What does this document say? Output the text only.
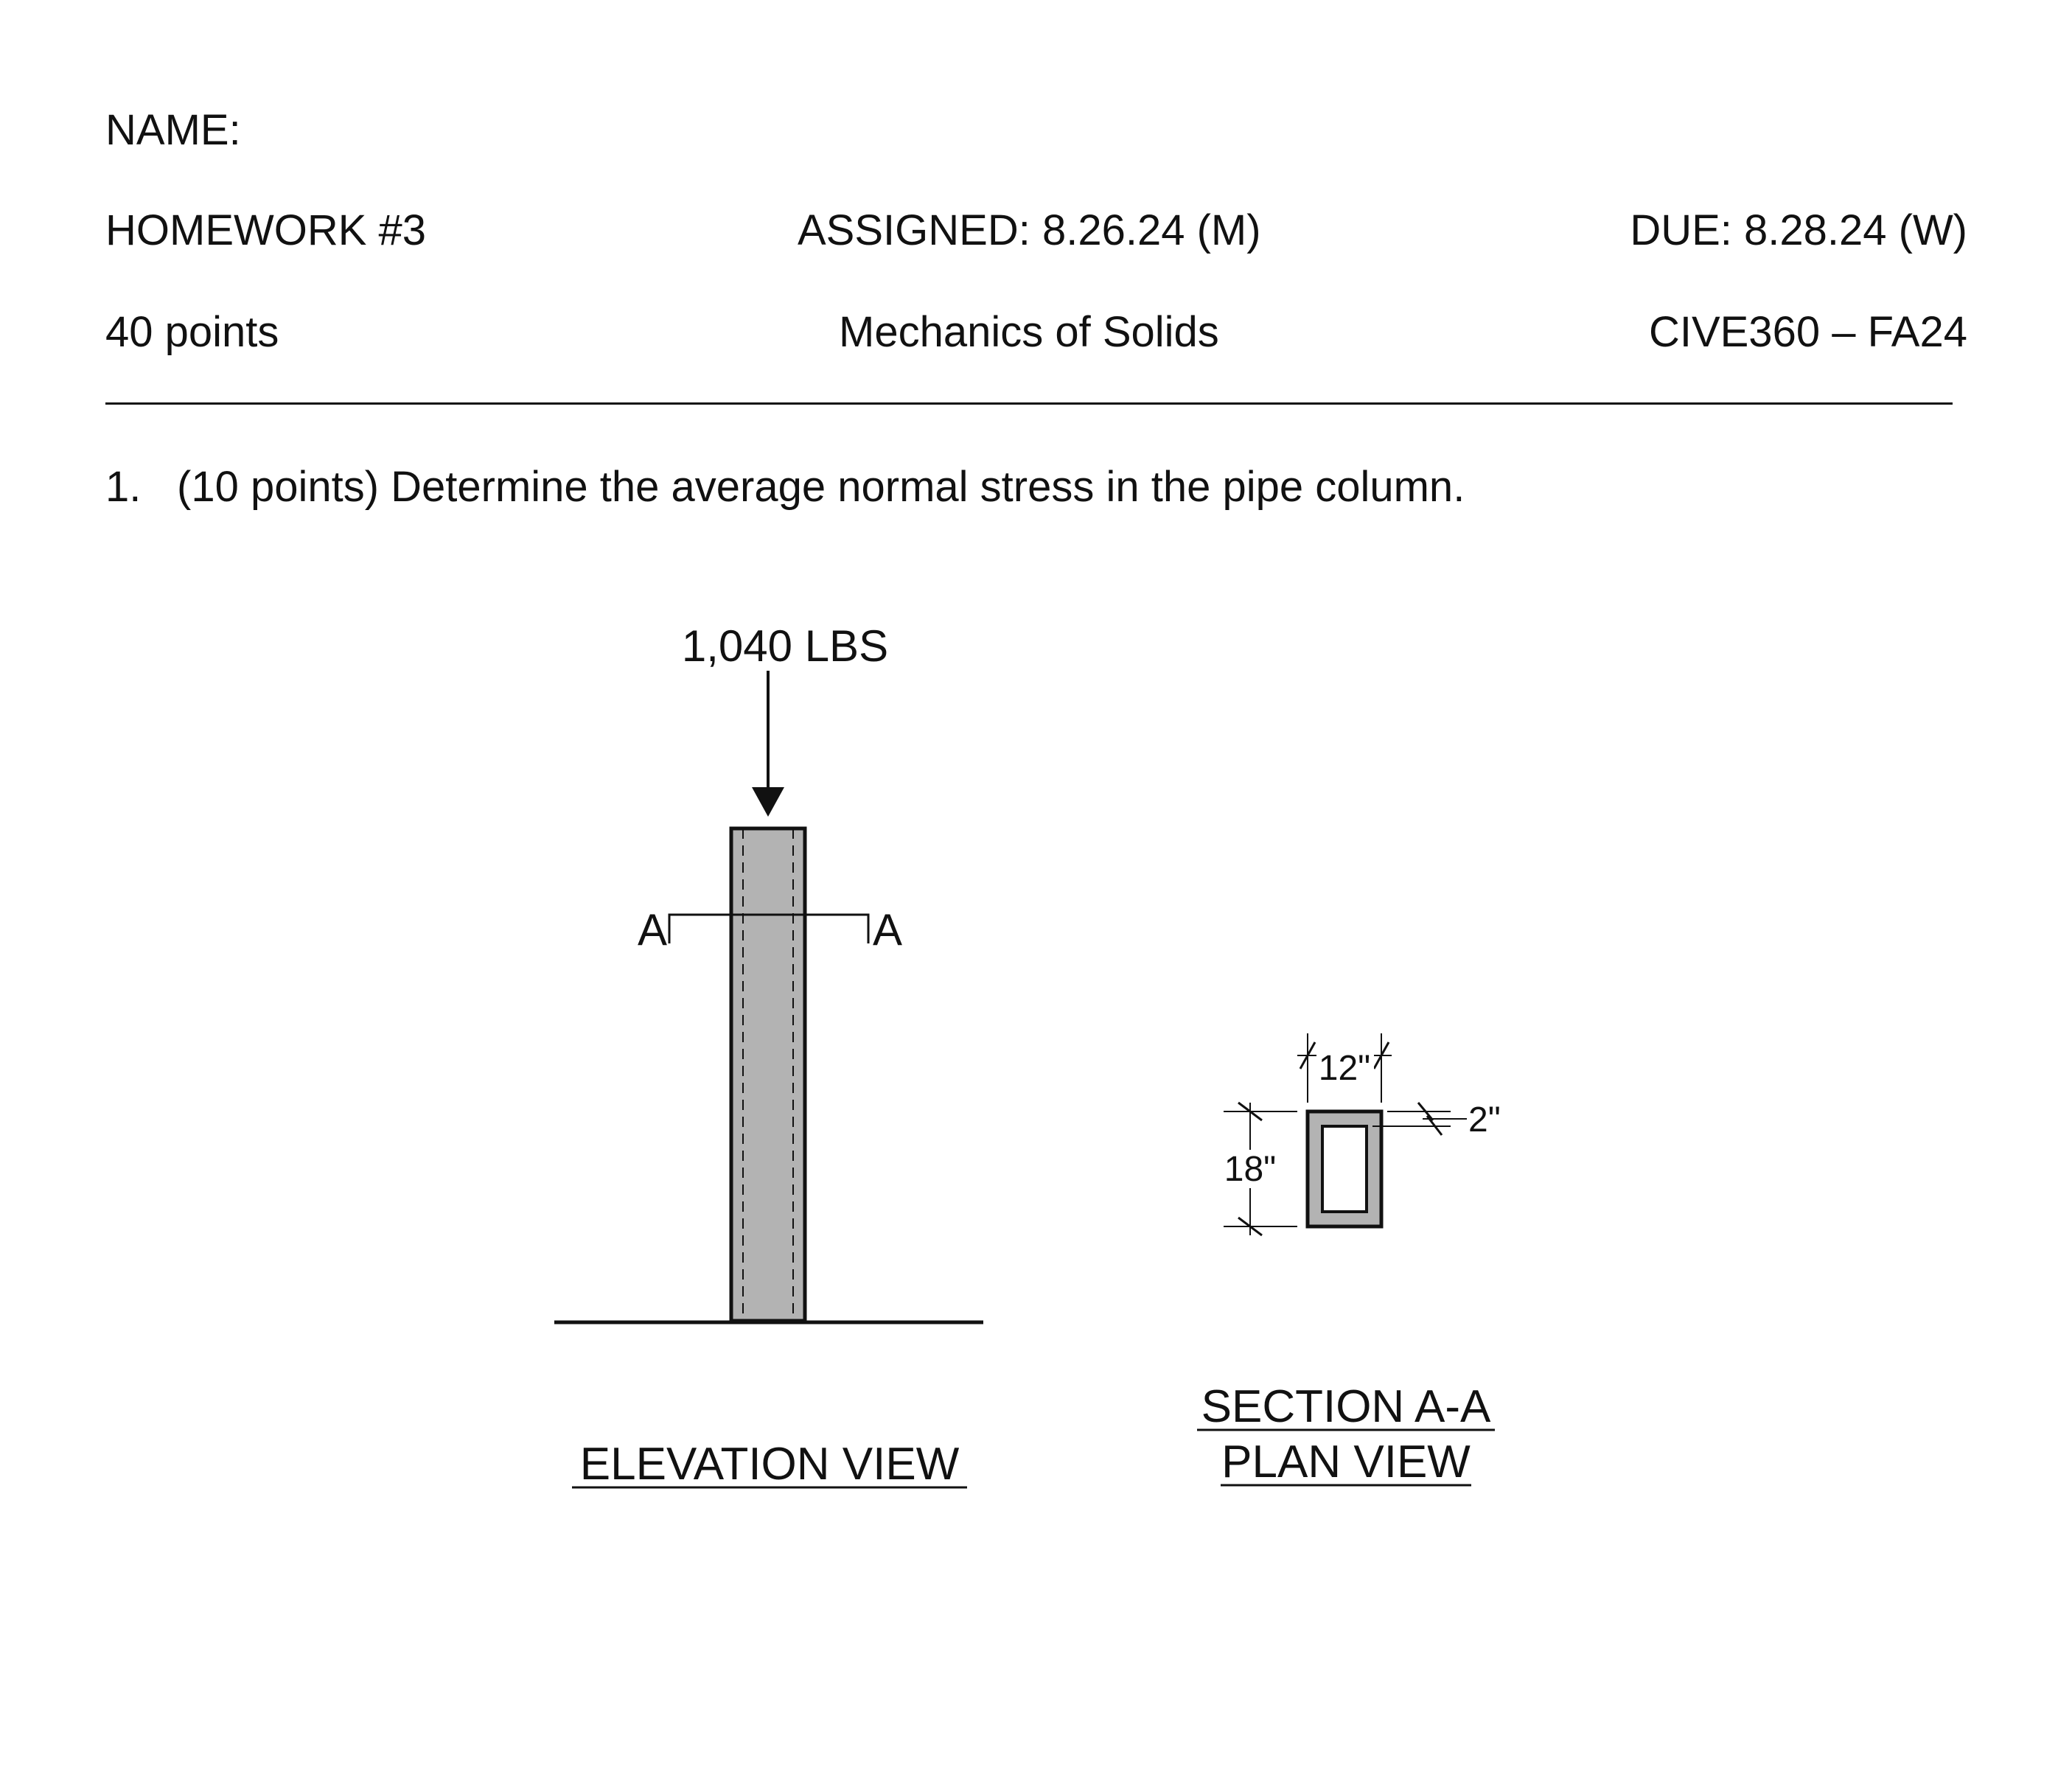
NAME:
HOMEWORK #3	ASSIGNED: 8.26.24 (M)	DUE: 8.28.24 (W)
40 points	Mechanics of Solids	CIVE360 – FA24
1. (10 points) Determine the average normal stress in the pipe column.
1,040 LBS
A	A
ELEVATION VIEW
12"
18"
2"
SECTION A-A
PLAN VIEW
